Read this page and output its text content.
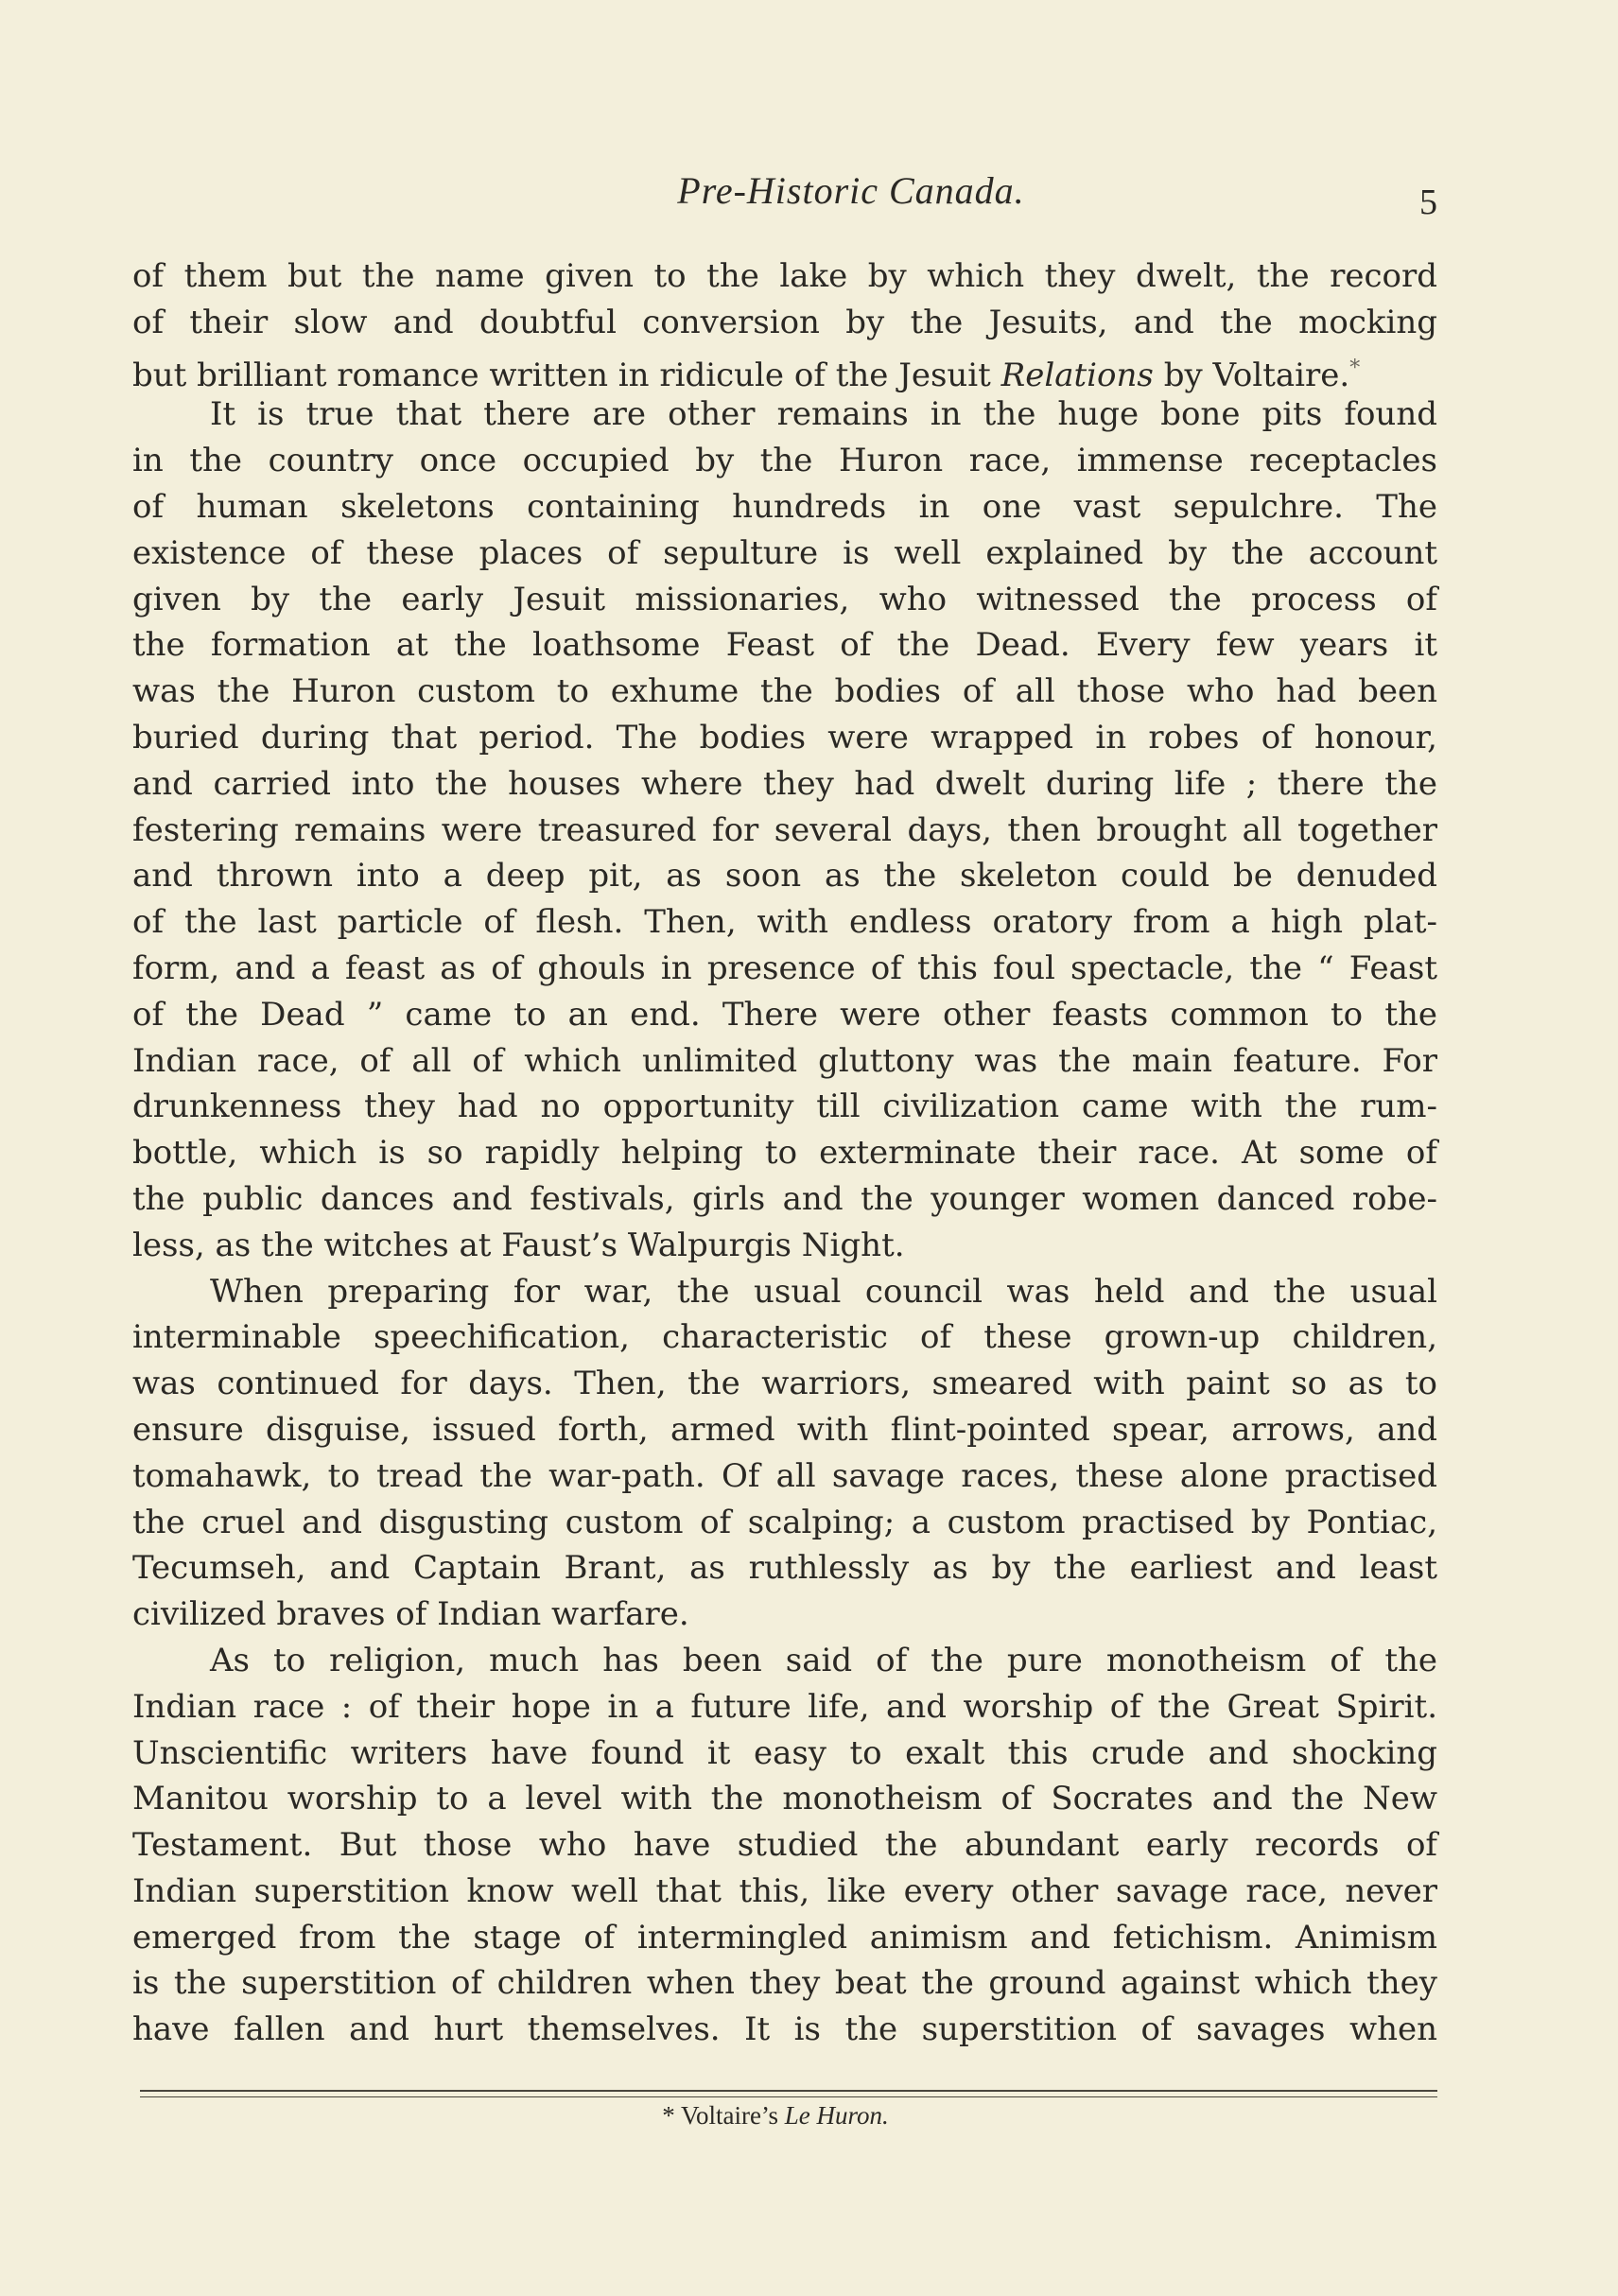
Pre-Historic Canada.	5
of them but the name given to the lake by which they dwelt, the record
of their slow and doubtful conversion by the Jesuits, and the mocking
but brilliant romance written in ridicule of the Jesuit Relations by Voltaire.*
It is true that there are other remains in the huge bone pits found
in the country once occupied by the Huron race, immense receptacles
of human skeletons containing hundreds in one vast sepulchre. The
existence of these places of sepulture is well explained by the account
given by the early Jesuit missionaries, who witnessed the process of
the formation at the loathsome Feast of the Dead. Every few years it
was the Huron custom to exhume the bodies of all those who had been
buried during that period. The bodies were wrapped in robes of honour,
and carried into the houses where they had dwelt during life ; there the
festering remains were treasured for several days, then brought all together
and thrown into a deep pit, as soon as the skeleton could be denuded
of the last particle of flesh. Then, with endless oratory from a high plat-
form, and a feast as of ghouls in presence of this foul spectacle, the “ Feast
of the Dead ” came to an end. There were other feasts common to the
Indian race, of all of which unlimited gluttony was the main feature. For
drunkenness they had no opportunity till civilization came with the rum-
bottle, which is so rapidly helping to exterminate their race. At some of
the public dances and festivals, girls and the younger women danced robe-
less, as the witches at Faust’s Walpurgis Night.
When preparing for war, the usual council was held and the usual
interminable speechification, characteristic of these grown-up children,
was continued for days. Then, the warriors, smeared with paint so as to
ensure disguise, issued forth, armed with flint-pointed spear, arrows, and
tomahawk, to tread the war-path. Of all savage races, these alone practised
the cruel and disgusting custom of scalping; a custom practised by Pontiac,
Tecumseh, and Captain Brant, as ruthlessly as by the earliest and least
civilized braves of Indian warfare.
As to religion, much has been said of the pure monotheism of the
Indian race : of their hope in a future life, and worship of the Great Spirit.
Unscientific writers have found it easy to exalt this crude and shocking
Manitou worship to a level with the monotheism of Socrates and the New
Testament. But those who have studied the abundant early records of
Indian superstition know well that this, like every other savage race, never
emerged from the stage of intermingled animism and fetichism. Animism
is the superstition of children when they beat the ground against which they
have fallen and hurt themselves. It is the superstition of savages when
* Voltaire’s Le Huron.
